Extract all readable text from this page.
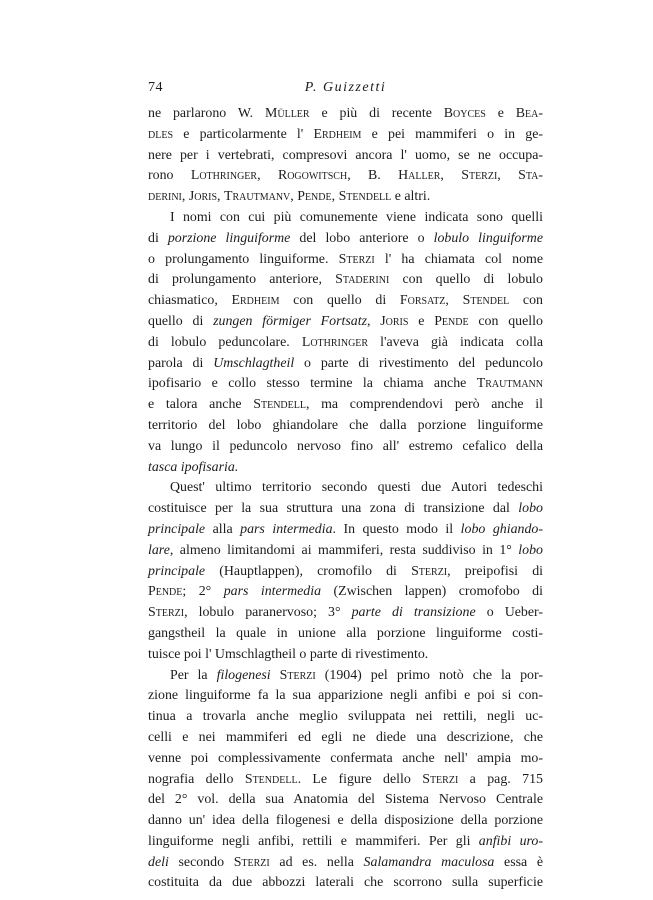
74	P. Guizzetti

ne parlarono W. Müller e più di recente Boyces e Bea-

dles e particolarmente l' Erdheim e pei mammiferi o in ge-

nere per i vertebrati, compresovi ancora l' uomo, se ne occupa-

rono Lothringer, Rogowitsch, B. Haller, Sterzi, Sta-

derini, Joris, Trautmanv, Pende, Stendell e altri.

I nomi con cui più comunemente viene indicata sono quelli

di porzione linguiforme del lobo anteriore o lobulo linguiforme

o prolungamento linguiforme. Sterzi l' ha chiamata col nome

di prolungamento anteriore, Staderini con quello di lobulo

chiasmatico, Erdheim con quello di Forsatz, Stendel con

quello di zungen förmiger Fortsatz, Joris e Pende con quello

di lobulo peduncolare. Lothringer l'aveva già indicata colla

parola di Umschlagtheil o parte di rivestimento del peduncolo

ipofisario e collo stesso termine la chiama anche Trautmann

e talora anche Stendell, ma comprendendovi però anche il

territorio del lobo ghiandolare che dalla porzione linguiforme

va lungo il peduncolo nervoso fino all' estremo cefalico della

tasca ipofisaria.

Quest' ultimo territorio secondo questi due Autori tedeschi

costituisce per la sua struttura una zona di transizione dal lobo

principale alla pars intermedia. In questo modo il lobo ghiando-

lare, almeno limitandomi ai mammiferi, resta suddiviso in 1° lobo

principale (Hauptlappen), cromofilo di Sterzi, preipofisi di

Pende; 2° pars intermedia (Zwischen lappen) cromofobo di

Sterzi, lobulo paranervoso; 3° parte di transizione o Ueber-

gangstheil la quale in unione alla porzione linguiforme costi-

tuisce poi l' Umschlagtheil o parte di rivestimento.

Per la filogenesi Sterzi (1904) pel primo notò che la por-

zione linguiforme fa la sua apparizione negli anfibi e poi si con-

tinua a trovarla anche meglio sviluppata nei rettili, negli uc-

celli e nei mammiferi ed egli ne diede una descrizione, che

venne poi complessivamente confermata anche nell' ampia mo-

nografia dello Stendell. Le figure dello Sterzi a pag. 715

del 2° vol. della sua Anatomia del Sistema Nervoso Centrale

danno un' idea della filogenesi e della disposizione della porzione

linguiforme negli anfibi, rettili e mammiferi. Per gli anfibi uro-

deli secondo Sterzi ad es. nella Salamandra maculosa essa è

costituita da due abbozzi laterali che scorrono sulla superficie
